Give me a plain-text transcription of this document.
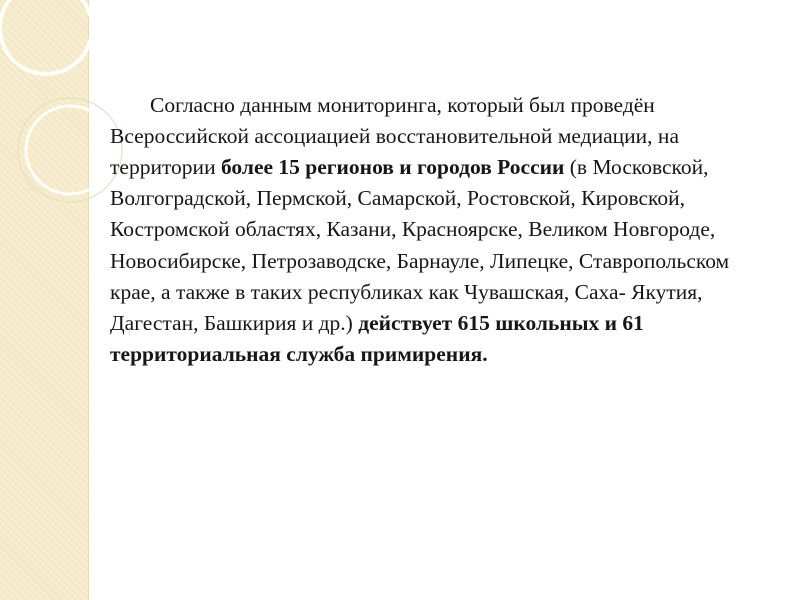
Согласно данным мониторинга, который был проведён Всероссийской ассоциацией восстановительной медиации, на территории более 15 регионов и городов России (в Московской, Волгоградской, Пермской, Самарской, Ростовской, Кировской, Костромской областях, Казани, Красноярске, Великом Новгороде, Новосибирске, Петрозаводске, Барнауле, Липецке, Ставропольском крае, а также в таких республиках как Чувашская, Саха- Якутия, Дагестан, Башкирия и др.) действует 615 школьных и 61 территориальная служба примирения.
